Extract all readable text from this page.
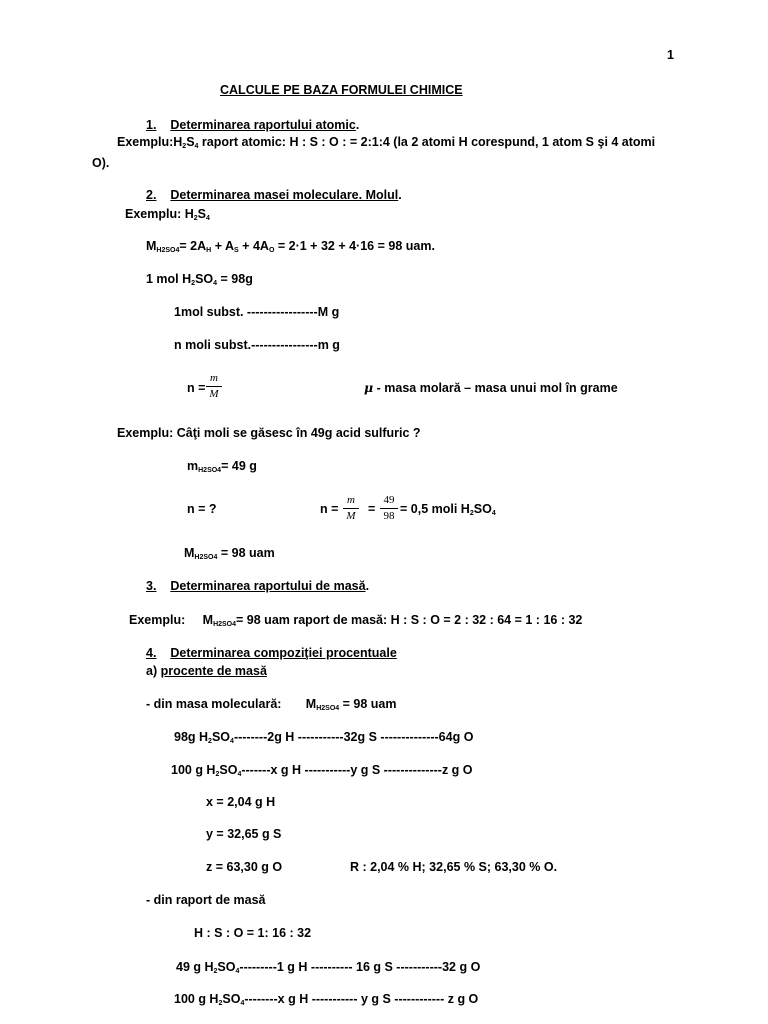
1
CALCULE PE BAZA FORMULEI CHIMICE
1. Determinarea raportului atomic.
$Exemplu:H_2S_4$ raport atomic: H : S : O : = 2:1:4 (la 2 atomi H corespund, 1 atom S şi 4 atomi
O).
2. Determinarea masei moleculare. Molul.
Exemplu: $H_2S_4$
$M_{H2SO4}= 2A_H + A_S + 4A_O = 2\cdot 1 + 32 + 4\cdot 16 = 98$ uam.
1 mol $H_2SO_4 = 98g$
1mol subst. -----------------M g
n moli subst.----------------m g
n =
m
M	μ - masa molară – masa unui mol în grame
Exemplu: Câţi moli se găsesc în 49g acid sulfuric ?
$m_{H2SO4}= 49$ g
n = ?	n =
m
M =
49
98 = 0,5 moli $H_2SO_4$
$M_{H2SO4} = 98$ uam
3. Determinarea raportului de masă.
Exemplu: $M_{H2SO4}= 98$ uam raport de masă: H : S : O = 2 : 32 : 64 = 1 : 16 : 32
4. Determinarea compoziţiei procentuale
a) procente de masă
- din masa moleculară: $M_{H2SO4} = 98$ uam
98g $H_2SO_4--------2g$ H -----------32g S --------------64g O
100 g $H_2SO_4-------x$ g H -----------y g S --------------z g O
x = 2,04 g H
y = 32,65 g S
z = 63,30 g O	R : 2,04 % H; 32,65 % S; 63,30 % O.
- din raport de masă
H : S : O = 1: 16 : 32
49 g $H_2SO_4---------1$ g H ---------- 16 g S -----------32 g O
100 g $H_2SO_4--------x$ g H ----------- y g S ------------ z g O
